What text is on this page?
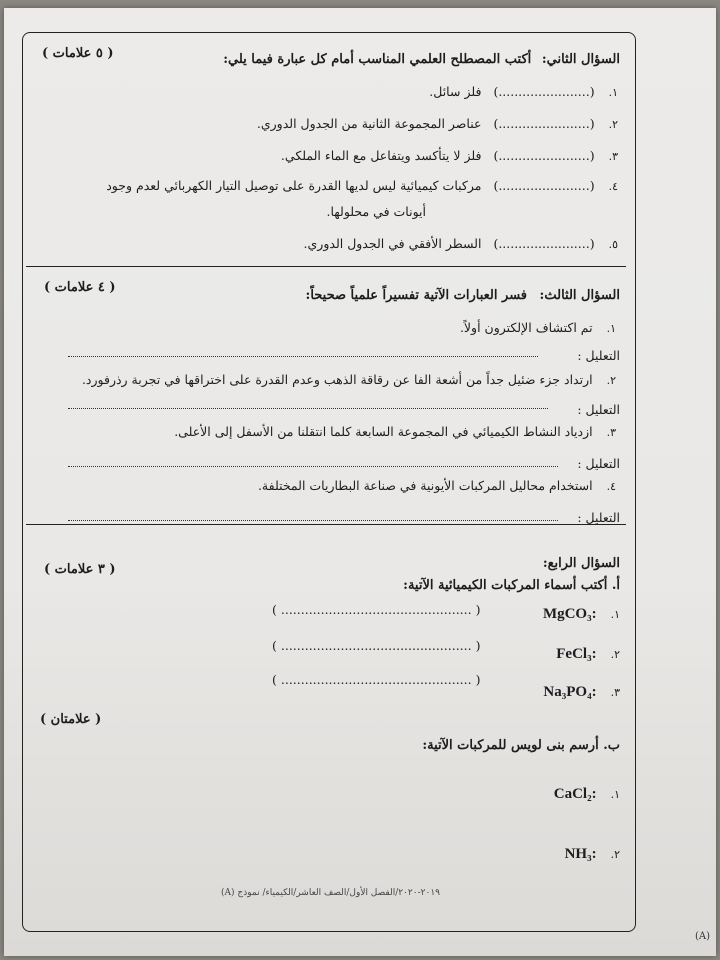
( ٥ علامات )	السؤال الثاني: أكتب المصطلح العلمي المناسب أمام كل عبارة فيما يلي:
١. (.......................) فلز سائل.
٢. (.......................) عناصر المجموعة الثانية من الجدول الدوري.
٣. (.......................) فلز لا يتأكسد ويتفاعل مع الماء الملكي.
٤. (.......................) مركبات كيميائية ليس لديها القدرة على توصيل التيار الكهربائي لعدم وجود
أيونات في محلولها.
٥. (.......................) السطر الأفقي في الجدول الدوري.
( ٤ علامات )
السؤال الثالث: فسر العبارات الآتية تفسيراً علمياً صحيحاً:
١. تم اكتشاف الإلكترون أولاً.
التعليل :
٢. ارتداد جزء ضئيل جداً من أشعة الفا عن رقاقة الذهب وعدم القدرة على اختراقها في تجربة رذرفورد.
التعليل :
٣. ازدياد النشاط الكيميائي في المجموعة السابعة كلما انتقلنا من الأسفل إلى الأعلى.
التعليل :
٤. استخدام محاليل المركبات الأيونية في صناعة البطاريات المختلفة.
التعليل :
( ٣ علامات )	السؤال الرابع:
أ. أكتب أسماء المركبات الكيميائية الآتية:
١. :MgCO₃
( ................................................ )
٢. :FeCl₃
( ................................................ )
٣. :Na₃PO₄
( ................................................ )
( علامتان )
ب. أرسم بنى لويس للمركبات الآتية:
١. :CaCl₂
٢. :NH₃
٢٠١٩-٢٠٢٠/الفصل الأول/الصف العاشر/الكيمياء/ نموذج (A)
(A)
